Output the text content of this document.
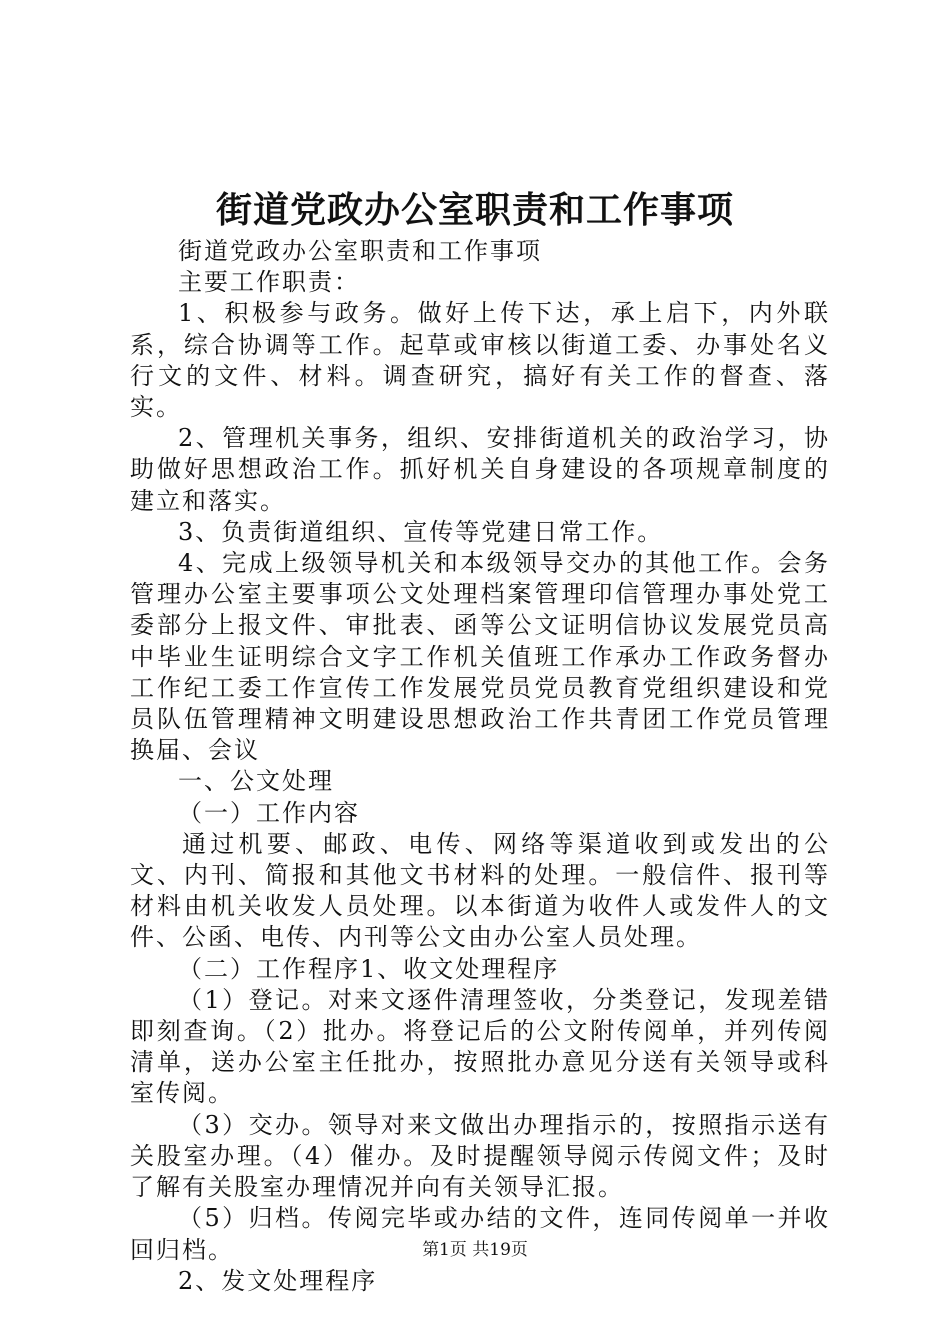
街道党政办公室职责和工作事项

街道党政办公室职责和工作事项

主要工作职责：

1、积极参与政务。做好上传下达，承上启下，内外联系，综合协调等工作。起草或审核以街道工委、办事处名义行文的文件、材料。调查研究，搞好有关工作的督查、落实。

2、管理机关事务，组织、安排街道机关的政治学习，协助做好思想政治工作。抓好机关自身建设的各项规章制度的建立和落实。

3、负责街道组织、宣传等党建日常工作。

4、完成上级领导机关和本级领导交办的其他工作。会务管理办公室主要事项公文处理档案管理印信管理办事处党工委部分上报文件、审批表、函等公文证明信协议发展党员高中毕业生证明综合文字工作机关值班工作承办工作政务督办工作纪工委工作宣传工作发展党员党员教育党组织建设和党员队伍管理精神文明建设思想政治工作共青团工作党员管理换届、会议

一、公文处理

（一）工作内容

通过机要、邮政、电传、网络等渠道收到或发出的公文、内刊、简报和其他文书材料的处理。一般信件、报刊等材料由机关收发人员处理。以本街道为收件人或发件人的文件、公函、电传、内刊等公文由办公室人员处理。

（二）工作程序1、收文处理程序

（1）登记。对来文逐件清理签收，分类登记，发现差错即刻查询。（2）批办。将登记后的公文附传阅单，并列传阅清单，送办公室主任批办，按照批办意见分送有关领导或科室传阅。

（3）交办。领导对来文做出办理指示的，按照指示送有关股室办理。（4）催办。及时提醒领导阅示传阅文件；及时了解有关股室办理情况并向有关领导汇报。

（5）归档。传阅完毕或办结的文件，连同传阅单一并收回归档。

2、发文处理程序

第1页 共19页
